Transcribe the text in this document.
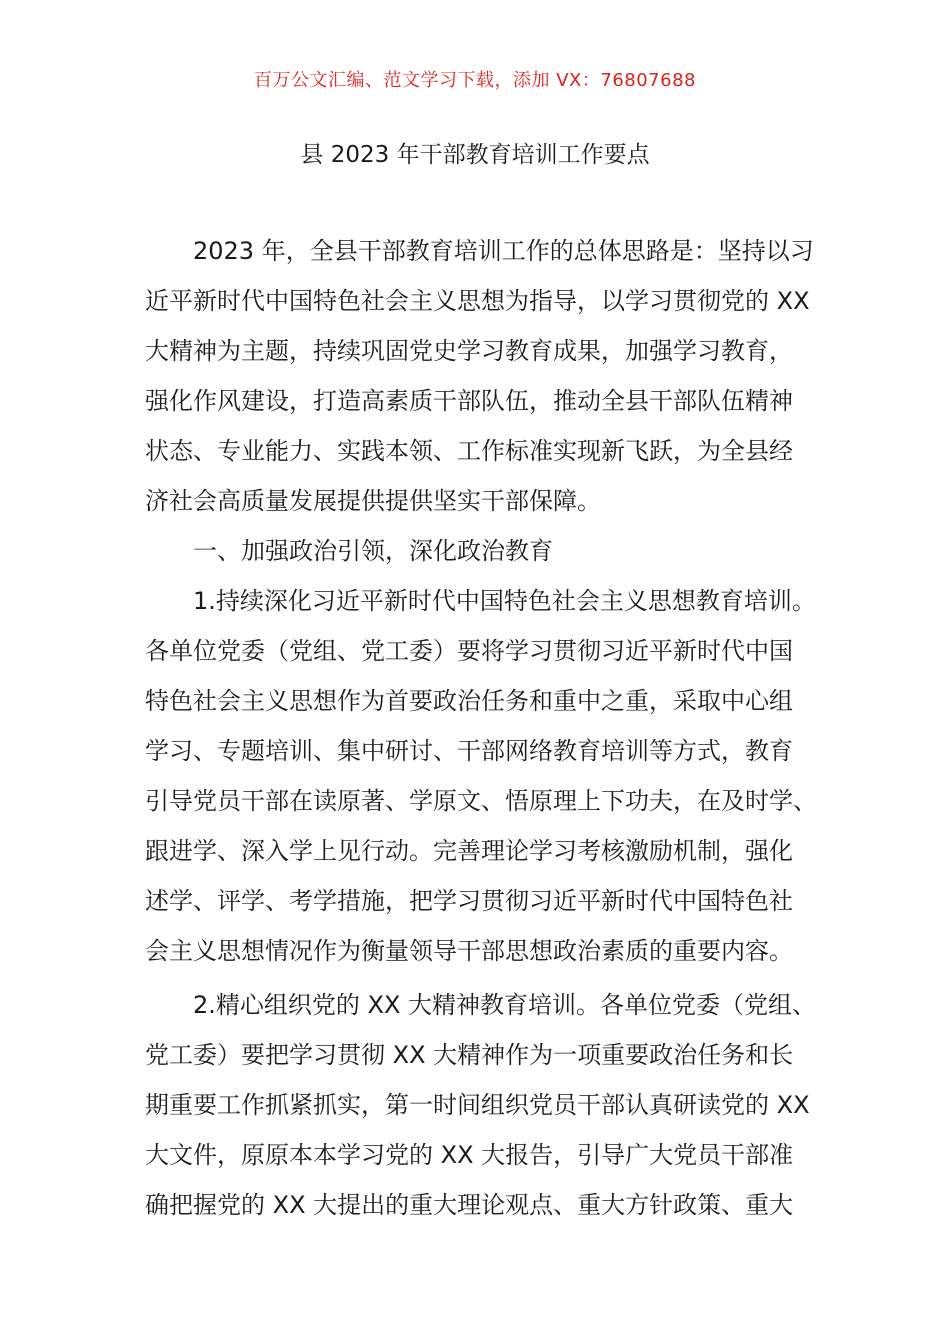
百万公文汇编、范文学习下载，添加 VX：76807688
县 2023 年干部教育培训工作要点
2023 年，全县干部教育培训工作的总体思路是：坚持以习
近平新时代中国特色社会主义思想为指导，以学习贯彻党的 XX
大精神为主题，持续巩固党史学习教育成果，加强学习教育，
强化作风建设，打造高素质干部队伍，推动全县干部队伍精神
状态、专业能力、实践本领、工作标准实现新飞跃，为全县经
济社会高质量发展提供提供坚实干部保障。
一、加强政治引领，深化政治教育
1.持续深化习近平新时代中国特色社会主义思想教育培训。
各单位党委（党组、党工委）要将学习贯彻习近平新时代中国
特色社会主义思想作为首要政治任务和重中之重，采取中心组
学习、专题培训、集中研讨、干部网络教育培训等方式，教育
引导党员干部在读原著、学原文、悟原理上下功夫，在及时学、
跟进学、深入学上见行动。完善理论学习考核激励机制，强化
述学、评学、考学措施，把学习贯彻习近平新时代中国特色社
会主义思想情况作为衡量领导干部思想政治素质的重要内容。
2.精心组织党的 XX 大精神教育培训。各单位党委（党组、
党工委）要把学习贯彻 XX 大精神作为一项重要政治任务和长
期重要工作抓紧抓实，第一时间组织党员干部认真研读党的 XX
大文件，原原本本学习党的 XX 大报告，引导广大党员干部准
确把握党的 XX 大提出的重大理论观点、重大方针政策、重大
